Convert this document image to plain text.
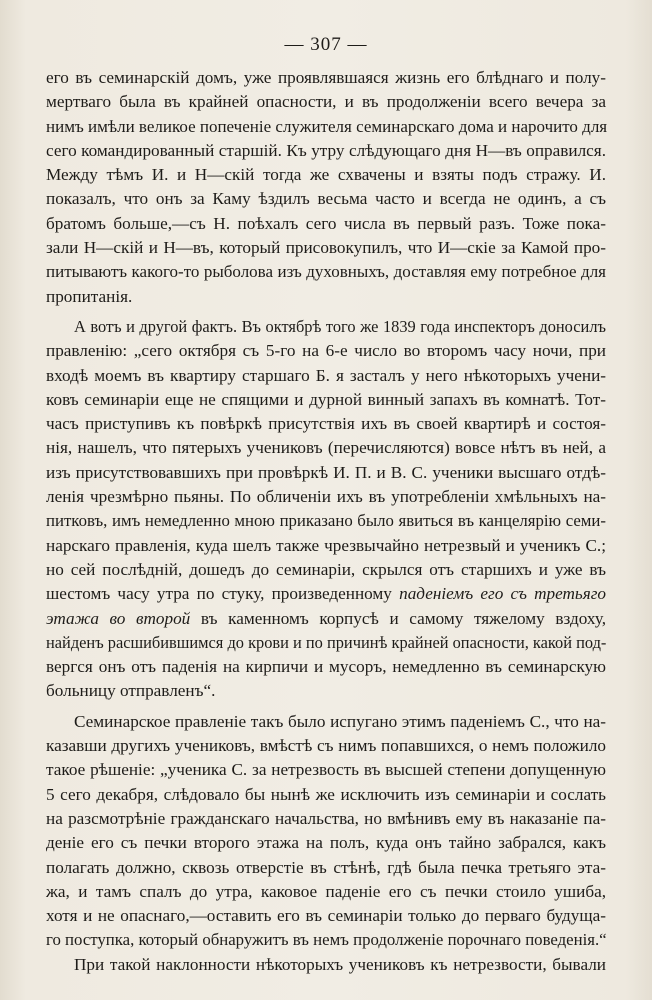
— 307 —
его въ семинарскій домъ, уже проявлявшаяся жизнь его блѣднаго и полу-
мертваго была въ крайней опасности, и въ продолженіи всего вечера за
нимъ имѣли великое попеченіе служителя семинарскаго дома и нарочито для
сего командированный старшій. Къ утру слѣдующаго дня Н—въ оправился.
Между тѣмъ И. и Н—скій тогда же схвачены и взяты подъ стражу. И.
показалъ, что онъ за Каму ѣздилъ весьма часто и всегда не одинъ, а съ
братомъ больше,—съ Н. поѣхалъ сего числа въ первый разъ. Тоже пока-
зали Н—скій и Н—въ, который присовокупилъ, что И—скіе за Камой про-
питываютъ какого-то рыболова изъ духовныхъ, доставляя ему потребное для
пропитанія.
А вотъ и другой фактъ. Въ октябрѣ того же 1839 года инспекторъ доносилъ
правленію: „сего октября съ 5-го на 6-е число во второмъ часу ночи, при
входѣ моемъ въ квартиру старшаго Б. я засталъ у него нѣкоторыхъ учени-
ковъ семинаріи еще не спящими и дурной винный запахъ въ комнатѣ. Тот-
часъ приступивъ къ повѣркѣ присутствія ихъ въ своей квартирѣ и состоя-
нія, нашелъ, что пятерыхъ учениковъ (перечисляются) вовсе нѣтъ въ ней, а
изъ присутствовавшихъ при провѣркѣ И. П. и В. С. ученики высшаго отдѣ-
ленія чрезмѣрно пьяны. По обличеніи ихъ въ употребленіи хмѣльныхъ на-
питковъ, имъ немедленно мною приказано было явиться въ канцелярію семи-
нарскаго правленія, куда шелъ также чрезвычайно нетрезвый и ученикъ С.;
но сей послѣдній, дошедъ до семинаріи, скрылся отъ старшихъ и уже въ
шестомъ часу утра по стуку, произведенному паденіемъ его съ третьяго
этажа во второй въ каменномъ корпусѣ и самому тяжелому вздоху,
найденъ расшибившимся до крови и по причинѣ крайней опасности, какой под-
вергся онъ отъ паденія на кирпичи и мусоръ, немедленно въ семинарскую
больницу отправленъ“.
Семинарское правленіе такъ было испугано этимъ паденіемъ С., что на-
казавши другихъ учениковъ, вмѣстѣ съ нимъ попавшихся, о немъ положило
такое рѣшеніе: „ученика С. за нетрезвость въ высшей степени допущенную
5 сего декабря, слѣдовало бы нынѣ же исключить изъ семинаріи и сослать
на разсмотрѣніе гражданскаго начальства, но вмѣнивъ ему въ наказаніе па-
деніе его съ печки второго этажа на полъ, куда онъ тайно забрался, какъ
полагать должно, сквозь отверстіе въ стѣнѣ, гдѣ была печка третьяго эта-
жа, и тамъ спалъ до утра, каковое паденіе его съ печки стоило ушиба,
хотя и не опаснаго,—оставить его въ семинаріи только до перваго будуща-
го поступка, который обнаружитъ въ немъ продолженіе порочнаго поведенія.“
При такой наклонности нѣкоторыхъ учениковъ къ нетрезвости, бывали
